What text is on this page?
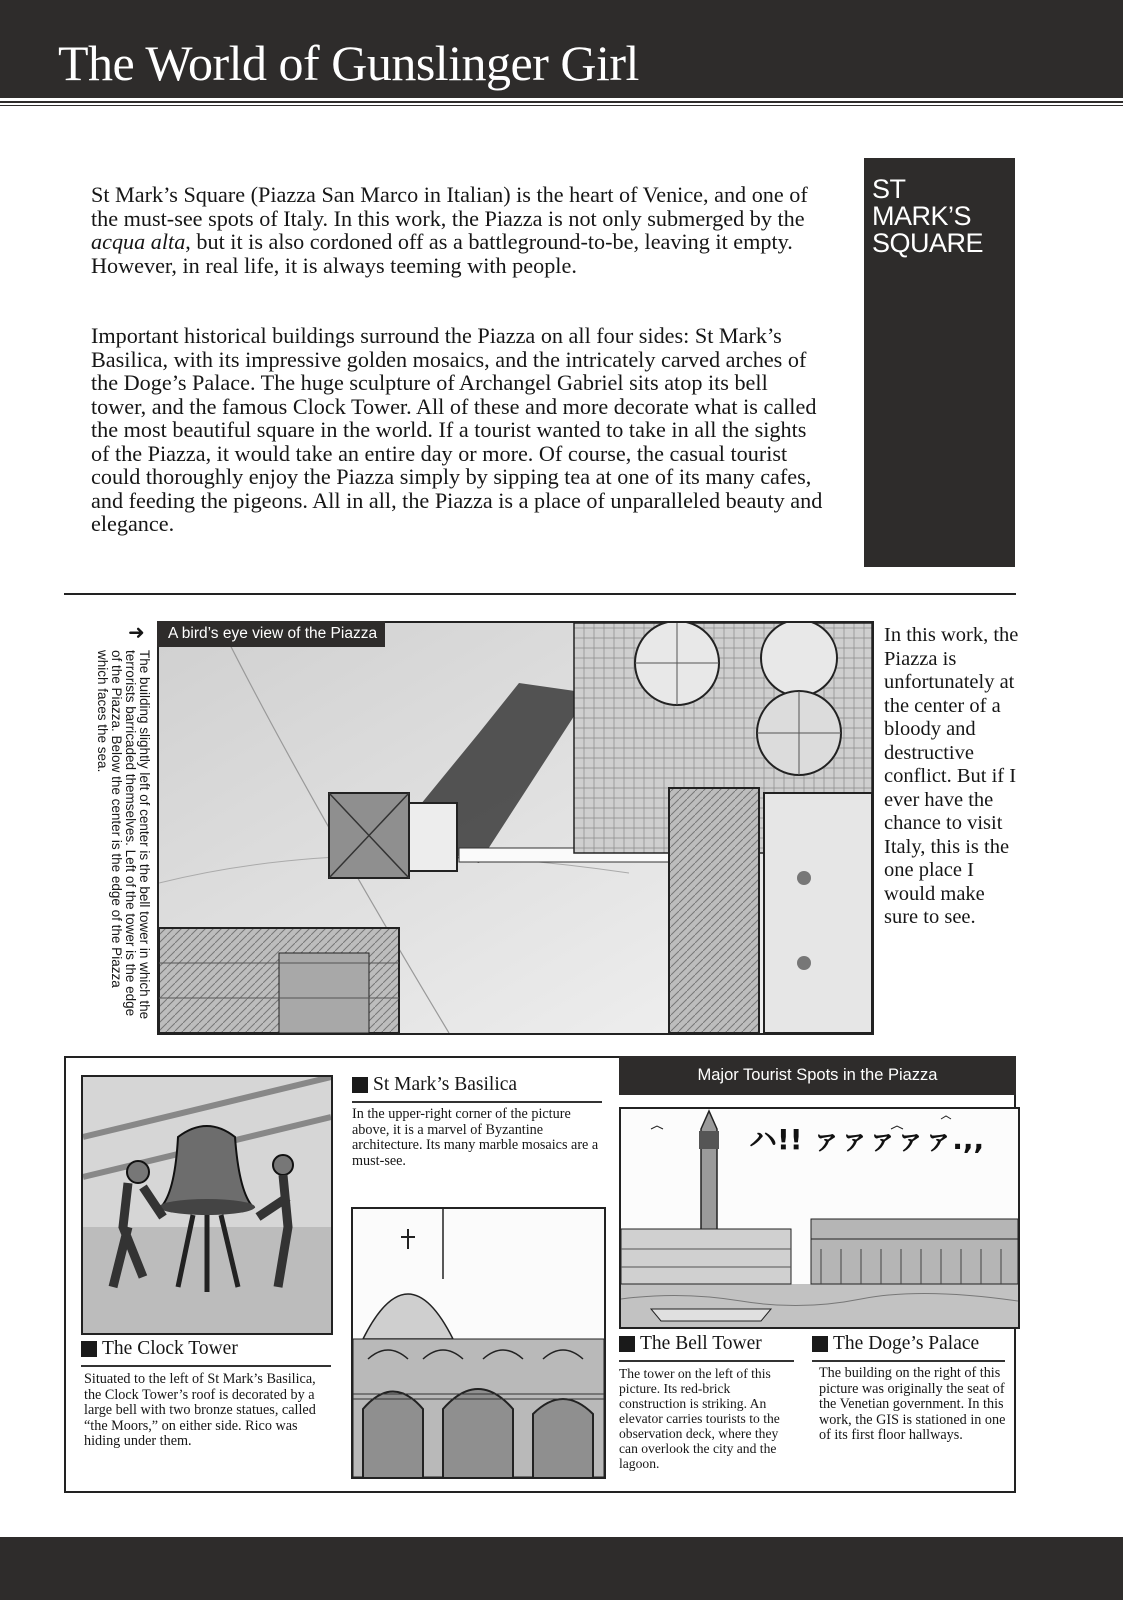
The World of Gunslinger Girl

St Mark’s Square (Piazza San Marco in Italian) is the heart of Venice, and one of the must-see spots of Italy. In this work, the Piazza is not only submerged by the acqua alta, but it is also cordoned off as a battleground-to-be, leaving it empty. However, in real life, it is always teeming with people.

Important historical buildings surround the Piazza on all four sides: St Mark’s Basilica, with its impressive golden mosaics, and the intricately carved arches of the Doge’s Palace. The huge sculpture of Archangel Gabriel sits atop its bell tower, and the famous Clock Tower. All of these and more decorate what is called the most beautiful square in the world. If a tourist wanted to take in all the sights of the Piazza, it would take an entire day or more. Of course, the casual tourist could thoroughly enjoy the Piazza simply by sipping tea at one of its many cafes, and feeding the pigeons. All in all, the Piazza is a place of unparalleled beauty and elegance.

ST
MARK’S
SQUARE
➜
The building slightly left of center is the bell tower in which the terrorists barricaded themselves. Left of the tower is the edge of the Piazza. Below the center is the edge of the Piazza which faces the sea.
A bird’s eye view of the Piazza	In this work, the Piazza is unfortunately at the center of a bloody and destructive conflict. But if I ever have the chance to visit Italy, this is the one place I would make sure to see.
Major Tourist Spots in the Piazza
ハ!! ァァァァァ.,,
St Mark’s Basilica
In the upper-right corner of the picture above, it is a marvel of Byzantine architecture. Its many marble mosaics are a must-see.
The Clock Tower
Situated to the left of St Mark’s Basilica, the Clock Tower’s roof is decorated by a large bell with two bronze statues, called “the Moors,” on either side. Rico was hiding under them.
The Bell Tower
The tower on the left of this picture. Its red-brick construction is striking. An elevator carries tourists to the observation deck, where they can overlook the city and the lagoon.
The Doge’s Palace
The building on the right of this picture was originally the seat of the Venetian government. In this work, the GIS is stationed in one of its first floor hallways.
